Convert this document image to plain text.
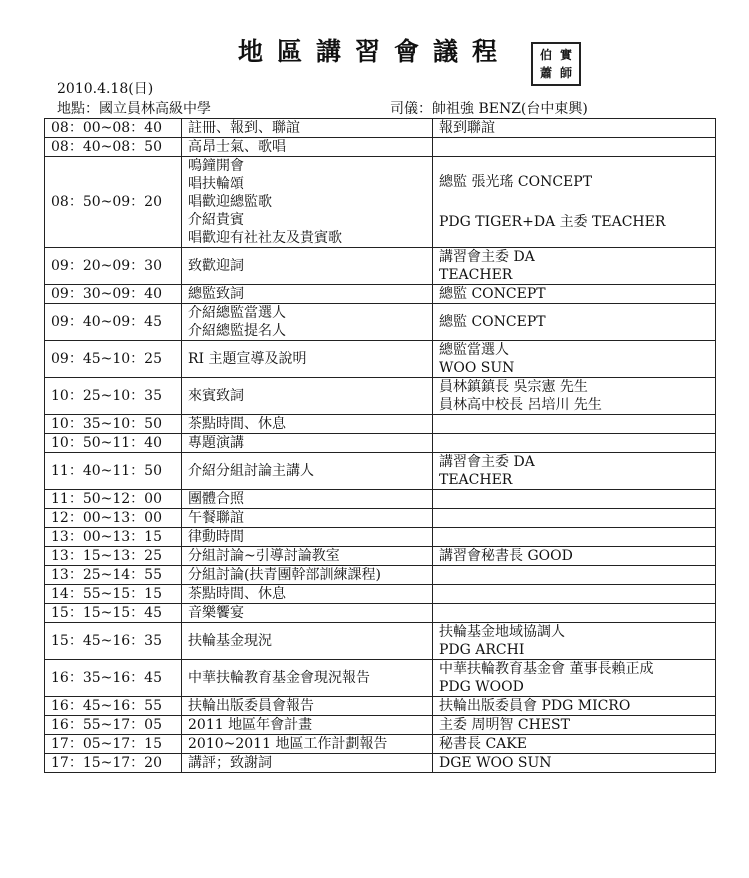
地區講習會議程	伯 實
蕭 師
2010.4.18(日)
地點：國立員林高級中學	司儀：帥祖強 BENZ(台中東興)
08：00~08：40	註冊、報到、聯誼	報到聯誼

08：40~08：50	高昂士氣、歌唱	

08：50~09：20	鳴鐘開會
唱扶輪頌
唱歡迎總監歌
介紹貴賓
唱歡迎有社社友及貴賓歌	總監 張光瑤 CONCEPT
PDG TIGER+DA 主委 TEACHER

09：20~09：30	致歡迎詞	講習會主委 DA
TEACHER

09：30~09：40	總監致詞	總監 CONCEPT

09：40~09：45	介紹總監當選人
介紹總監提名人	總監 CONCEPT

09：45~10：25	RI 主題宣導及說明	總監當選人
WOO SUN

10：25~10：35	來賓致詞	員林鎮鎮長 吳宗憲 先生
員林高中校長 呂培川 先生

10：35~10：50	茶點時間、休息	

10：50~11：40	專題演講	

11：40~11：50	介紹分組討論主講人	講習會主委 DA
TEACHER

11：50~12：00	團體合照	

12：00~13：00	午餐聯誼	

13：00~13：15	律動時間	

13：15~13：25	分組討論~引導討論教室	講習會秘書長 GOOD

13：25~14：55	分組討論(扶青團幹部訓練課程)	

14：55~15：15	茶點時間、休息	

15：15~15：45	音樂饗宴	

15：45~16：35	扶輪基金現況	扶輪基金地域協調人
PDG ARCHI

16：35~16：45	中華扶輪教育基金會現況報告	中華扶輪教育基金會 董事長賴正成
PDG WOOD

16：45~16：55	扶輪出版委員會報告	扶輪出版委員會 PDG MICRO

16：55~17：05	2011 地區年會計畫	主委 周明智 CHEST

17：05~17：15	2010~2011 地區工作計劃報告	秘書長 CAKE

17：15~17：20	講評；致謝詞	DGE WOO SUN
